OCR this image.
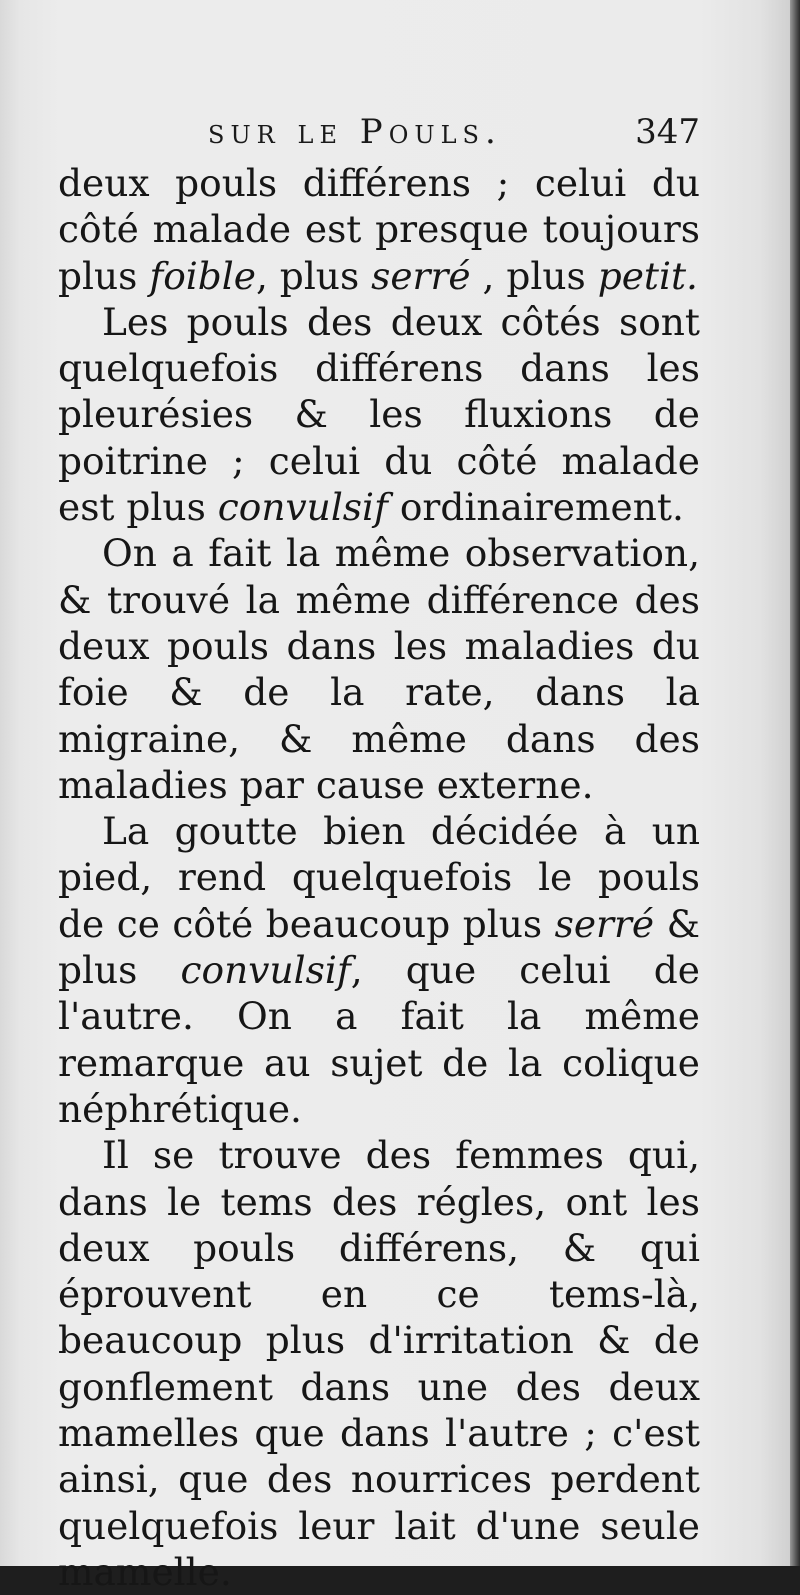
sur le Pouls.	347

deux pouls différens ; celui du côté malade est presque toujours plus foible, plus serré , plus petit.

Les pouls des deux côtés sont quelquefois différens dans les pleurésies & les fluxions de poitrine ; celui du côté malade est plus convulsif ordinairement.

On a fait la même observation, & trouvé la même différence des deux pouls dans les maladies du foie & de la rate, dans la migraine, & même dans des maladies par cause externe.

La goutte bien décidée à un pied, rend quelquefois le pouls de ce côté beaucoup plus serré & plus convulsif, que celui de l'autre. On a fait la même remarque au sujet de la colique néphrétique.

Il se trouve des femmes qui, dans le tems des régles, ont les deux pouls différens, & qui éprouvent en ce tems-là, beaucoup plus d'irritation & de gonflement dans une des deux mamelles que dans l'autre ; c'est ainsi, que des nourrices perdent quelquefois leur lait d'une seule mamelle.
